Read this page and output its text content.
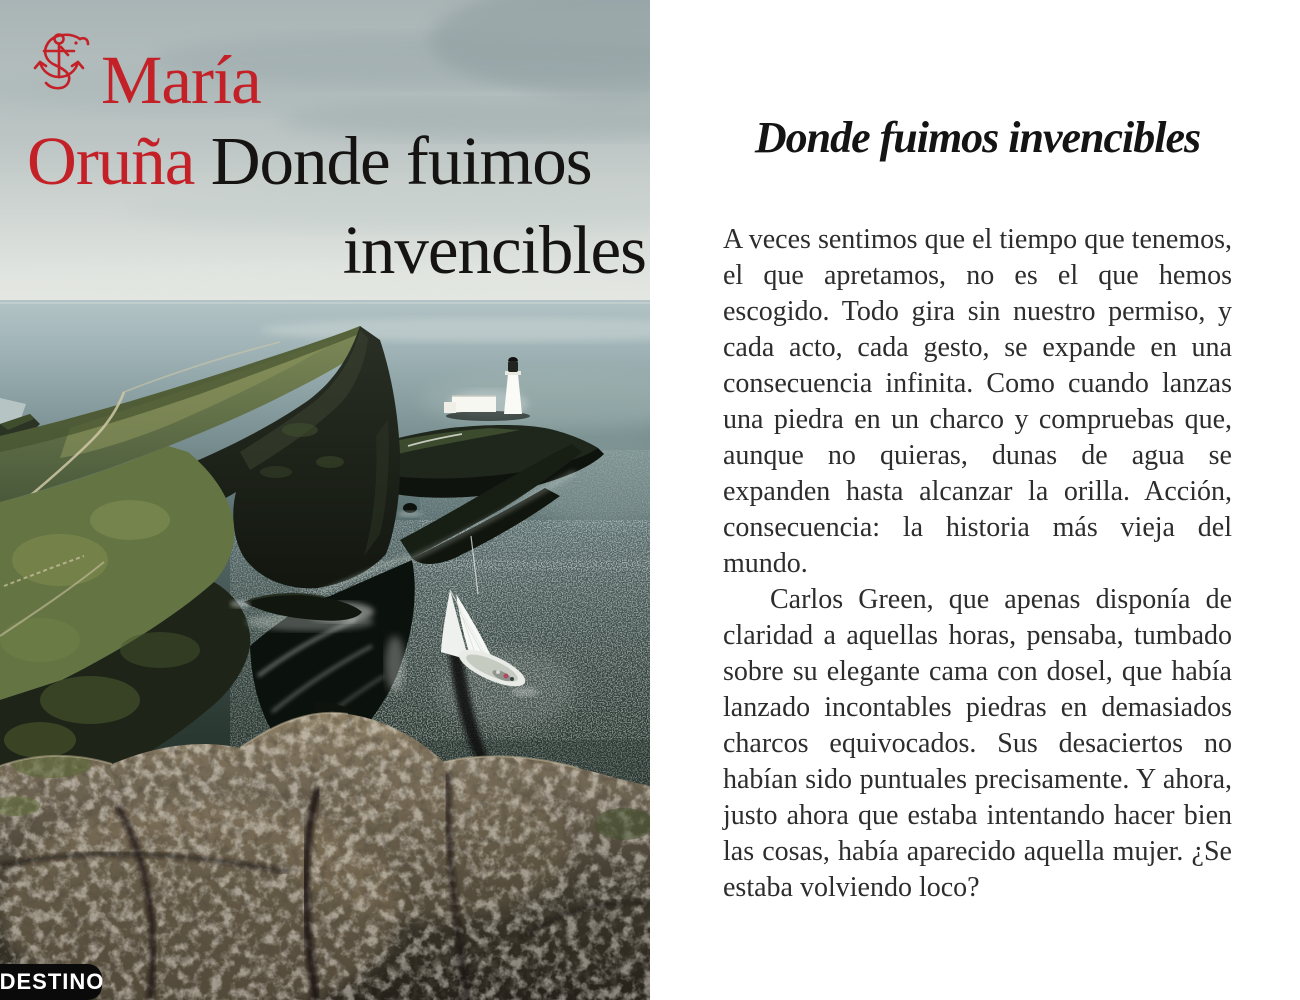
María
Oruña Donde fuimos
invencibles
DESTINO
Donde fuimos invencibles

A veces sentimos que el tiempo que tenemos, el que apretamos, no es el que hemos escogido. Todo gira sin nuestro permiso, y cada acto, cada gesto, se expande en una consecuencia infinita. Como cuando lanzas una piedra en un charco y compruebas que, aunque no quieras, dunas de agua se expanden hasta alcanzar la orilla. Acción, consecuencia: la historia más vieja del mundo.

Carlos Green, que apenas disponía de claridad a aquellas horas, pensaba, tumbado sobre su elegante cama con dosel, que había lanzado incontables piedras en demasiados charcos equivocados. Sus desaciertos no habían sido puntuales precisamente. Y ahora, justo ahora que estaba intentando hacer bien las cosas, había aparecido aquella mujer. ¿Se estaba volviendo loco?
